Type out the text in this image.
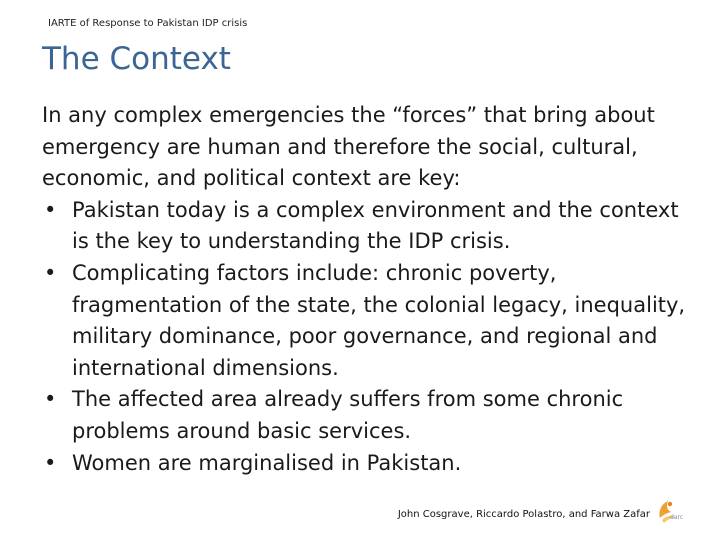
IARTE of Response to Pakistan IDP crisis
The Context

In any complex emergencies the “forces” that bring about emergency are human and therefore the social, cultural, economic, and political context are key:

• Pakistan today is a complex environment and the context is the key to understanding the IDP crisis.
• Complicating factors include: chronic poverty, fragmentation of the state, the colonial legacy, inequality, military dominance, poor governance, and regional and international dimensions.
• The affected area already suffers from some chronic problems around basic services.
• Women are marginalised in Pakistan.
John Cosgrave, Riccardo Polastro, and Farwa Zafar	darc
